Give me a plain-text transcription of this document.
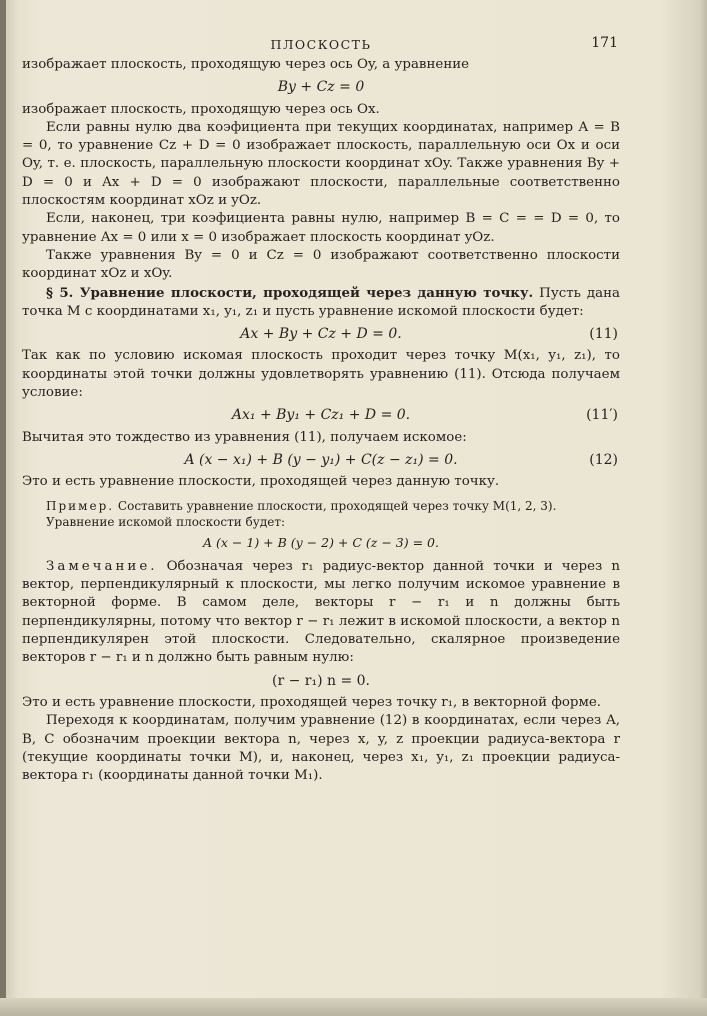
ПЛОСКОСТЬ	171

изображает плоскость, проходящую через ось Oy, а уравнение

By + Cz = 0

изображает плоскость, проходящую через ось Ox.

Если равны нулю два коэфициента при текущих координатах, например A = B = 0, то уравнение Cz + D = 0 изображает плоскость, параллельную оси Ox и оси Oy, т. е. плоскость, параллельную плоскости координат xOy. Также уравнения By + D = 0 и Ax + D = 0 изображают плоскости, параллельные соответственно плоскостям координат xOz и yOz.

Если, наконец, три коэфициента равны нулю, например B = C = = D = 0, то уравнение Ax = 0 или x = 0 изображает плоскость координат yOz.

Также уравнения By = 0 и Cz = 0 изображают соответственно плоскости координат xOz и xOy.

§ 5. Уравнение плоскости, проходящей через данную точку. Пусть дана точка M с координатами x₁, y₁, z₁ и пусть уравнение искомой плоскости будет:

Ax + By + Cz + D = 0.	(11)

Так как по условию искомая плоскость проходит через точку M(x₁, y₁, z₁), то координаты этой точки должны удовлетворять уравнению (11). Отсюда получаем условие:

Ax₁ + By₁ + Cz₁ + D = 0.	(11′)

Вычитая это тождество из уравнения (11), получаем искомое:

A (x − x₁) + B (y − y₁) + C(z − z₁) = 0.	(12)

Это и есть уравнение плоскости, проходящей через данную точку.

Пример. Составить уравнение плоскости, проходящей через точку M(1, 2, 3).

Уравнение искомой плоскости будет:

A (x − 1) + B (y − 2) + C (z − 3) = 0.

Замечание. Обозначая через r₁ радиус-вектор данной точки и через n вектор, перпендикулярный к плоскости, мы легко получим искомое уравнение в векторной форме. В самом деле, векторы r − r₁ и n должны быть перпендикулярны, потому что вектор r − r₁ лежит в искомой плоскости, а вектор n перпендикулярен этой плоскости. Следовательно, скалярное произведение векторов r − r₁ и n должно быть равным нулю:

(r − r₁) n = 0.

Это и есть уравнение плоскости, проходящей через точку r₁, в векторной форме.

Переходя к координатам, получим уравнение (12) в координатах, если через A, B, C обозначим проекции вектора n, через x, y, z проекции радиуса-вектора r (текущие координаты точки M), и, наконец, через x₁, y₁, z₁ проекции радиуса-вектора r₁ (координаты данной точки M₁).
